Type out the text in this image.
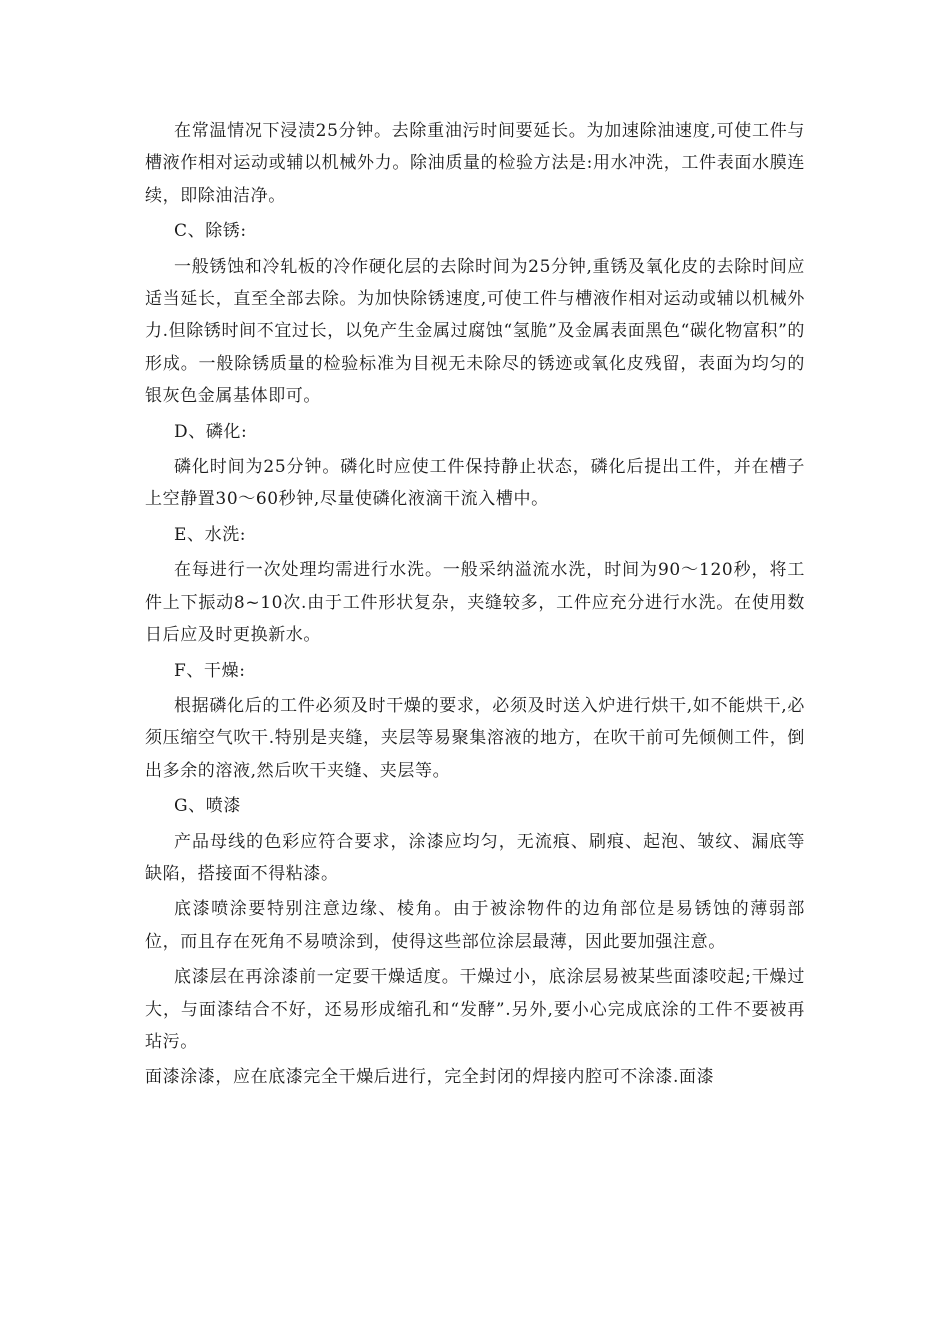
在常温情况下浸渍25分钟。去除重油污时间要延长。为加速除油速度,可使工件与槽液作相对运动或辅以机械外力。除油质量的检验方法是:用水冲洗，工件表面水膜连续，即除油洁净。

C、除锈:

一般锈蚀和冷轧板的冷作硬化层的去除时间为25分钟,重锈及氧化皮的去除时间应适当延长，直至全部去除。为加快除锈速度,可使工件与槽液作相对运动或辅以机械外力.但除锈时间不宜过长，以免产生金属过腐蚀“氢脆”及金属表面黑色“碳化物富积”的形成。一般除锈质量的检验标准为目视无未除尽的锈迹或氧化皮残留，表面为均匀的银灰色金属基体即可。

D、磷化:

磷化时间为25分钟。磷化时应使工件保持静止状态，磷化后提出工件，并在槽子上空静置30～60秒钟,尽量使磷化液滴干流入槽中。

E、水洗:

在每进行一次处理均需进行水洗。一般采纳溢流水洗，时间为90～120秒，将工件上下振动8~10次.由于工件形状复杂，夹缝较多，工件应充分进行水洗。在使用数日后应及时更换新水。

F、干燥:

根据磷化后的工件必须及时干燥的要求，必须及时送入炉进行烘干,如不能烘干,必须压缩空气吹干.特别是夹缝，夹层等易聚集溶液的地方，在吹干前可先倾侧工件，倒出多余的溶液,然后吹干夹缝、夹层等。

G、喷漆

产品母线的色彩应符合要求，涂漆应均匀，无流痕、刷痕、起泡、皱纹、漏底等缺陷，搭接面不得粘漆。

底漆喷涂要特别注意边缘、棱角。由于被涂物件的边角部位是易锈蚀的薄弱部位，而且存在死角不易喷涂到，使得这些部位涂层最薄，因此要加强注意。

底漆层在再涂漆前一定要干燥适度。干燥过小，底涂层易被某些面漆咬起;干燥过大，与面漆结合不好，还易形成缩孔和“发酵”.另外,要小心完成底涂的工件不要被再玷污。

面漆涂漆，应在底漆完全干燥后进行，完全封闭的焊接内腔可不涂漆.面漆
